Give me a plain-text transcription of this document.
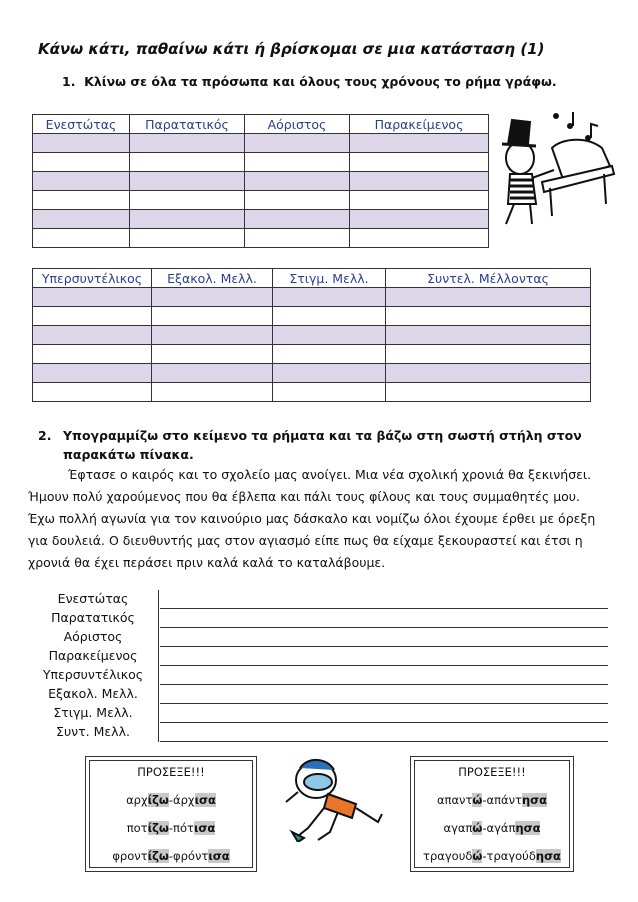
Κάνω κάτι, παθαίνω κάτι ή βρίσκομαι σε μια κατάσταση (1)
1. Κλίνω σε όλα τα πρόσωπα και όλους τους χρόνους το ρήμα γράφω.
Ενεστώτας	Παρατατικός	Αόριστος	Παρακείμενος

Υπερσυντέλικος	Εξακολ. Μελλ.	Στιγμ. Μελλ.	Συντελ. Μέλλοντας

2. Υπογραμμίζω στο κείμενο τα ρήματα και τα βάζω στη σωστή στήλη στον παρακάτω πίνακα.

Έφτασε ο καιρός και το σχολείο μας ανοίγει. Μια νέα σχολική χρονιά θα ξεκινήσει. Ήμουν πολύ χαρούμενος που θα έβλεπα και πάλι τους φίλους και τους συμμαθητές μου. Έχω πολλή αγωνία για τον καινούριο μας δάσκαλο και νομίζω όλοι έχουμε έρθει με όρεξη για δουλειά. Ο διευθυντής μας στον αγιασμό είπε πως θα είχαμε ξεκουραστεί και έτσι η χρονιά θα έχει περάσει πριν καλά καλά το καταλάβουμε.

Ενεστώτας
Παρατατικός
Αόριστος
Παρακείμενος
Υπερσυντέλικος
Εξακολ. Μελλ.
Στιγμ. Μελλ.
Συντ. Μελλ.
ΠΡΟΣΕΞΕ!!!
αρχίζω-άρχισα
ποτίζω-πότισα
φροντίζω-φρόντισα
ΠΡΟΣΕΞΕ!!!
απαντώ-απάντησα
αγαπώ-αγάπησα
τραγουδώ-τραγούδησα
